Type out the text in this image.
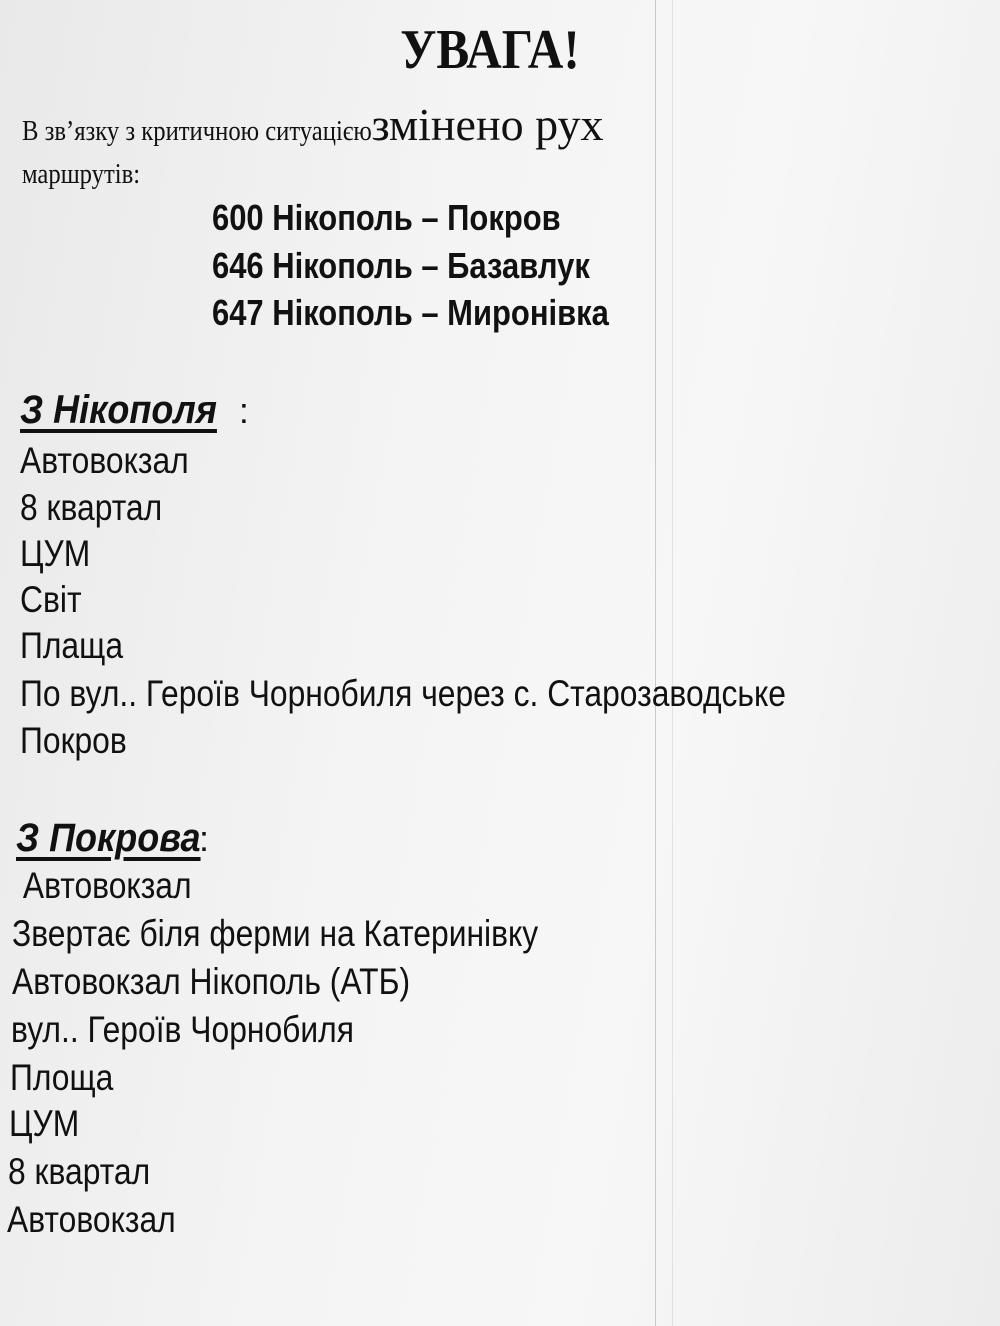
УВАГА!
В зв’язку з критичною ситуацією змінено рух
маршрутів:
600 Нікополь – Покров
646 Нікополь – Базавлук
647 Нікополь – Миронівка
З Нікополя :
Автовокзал
8 квартал
ЦУМ
Світ
Плаща
По вул.. Героїв Чорнобиля через с. Старозаводське
Покров
З Покрова:
Автовокзал
Звертає біля ферми на Катеринівку
Автовокзал Нікополь (АТБ)
вул.. Героїв Чорнобиля
Площа
ЦУМ
8 квартал
Автовокзал
